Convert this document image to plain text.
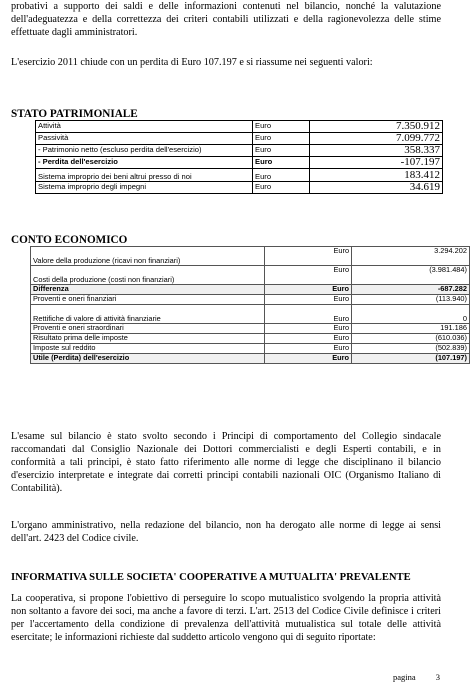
probativi a supporto dei saldi e delle informazioni contenuti nel bilancio, nonché la valutazione dell'adeguatezza e della correttezza dei criteri contabili utilizzati e della ragionevolezza delle stime effettuate dagli amministratori.
L'esercizio 2011 chiude con un perdita di Euro 107.197 e si riassume nei seguenti valori:
STATO PATRIMONIALE
Attività	Euro	7.350.912
Passività	Euro	7.099.772
- Patrimonio netto (escluso perdita dell'esercizio)	Euro	358.337
- Perdita dell'esercizio	Euro	-107.197
Sistema improprio dei beni altrui presso di noi	Euro	183.412
Sistema improprio degli impegni	Euro	34.619
CONTO ECONOMICO
Valore della produzione (ricavi non finanziari)	Euro	3.294.202
Costi della produzione (costi non finanziari)	Euro	(3.981.484)
Differenza	Euro	-687.282
Proventi e oneri finanziari	Euro	(113.940)
Rettifiche di valore di attività finanziarie	Euro	0
Proventi e oneri straordinari	Euro	191.186
Risultato prima delle imposte	Euro	(610.036)
Imposte sul reddito	Euro	(502.839)
Utile (Perdita) dell'esercizio	Euro	(107.197)
L'esame sul bilancio è stato svolto secondo i Principi di comportamento del Collegio sindacale raccomandati dal Consiglio Nazionale dei Dottori commercialisti e degli Esperti contabili, e in conformità a tali principi, è stato fatto riferimento alle norme di legge che disciplinano il bilancio d'esercizio interpretate e integrate dai corretti principi contabili nazionali OIC (Organismo Italiano di Contabilità).
L'organo amministrativo, nella redazione del bilancio, non ha derogato alle norme di legge ai sensi dell'art. 2423 del Codice civile.
INFORMATIVA SULLE SOCIETA' COOPERATIVE A MUTUALITA' PREVALENTE
La cooperativa, si propone l'obiettivo di perseguire lo scopo mutualistico svolgendo la propria attività non soltanto a favore dei soci, ma anche a favore di terzi. L'art. 2513 del Codice Civile definisce i criteri per l'accertamento della condizione di prevalenza dell'attività mutualistica sul totale delle attività esercitate; le informazioni richieste dal suddetto articolo vengono qui di seguito riportate:
pagina 3
